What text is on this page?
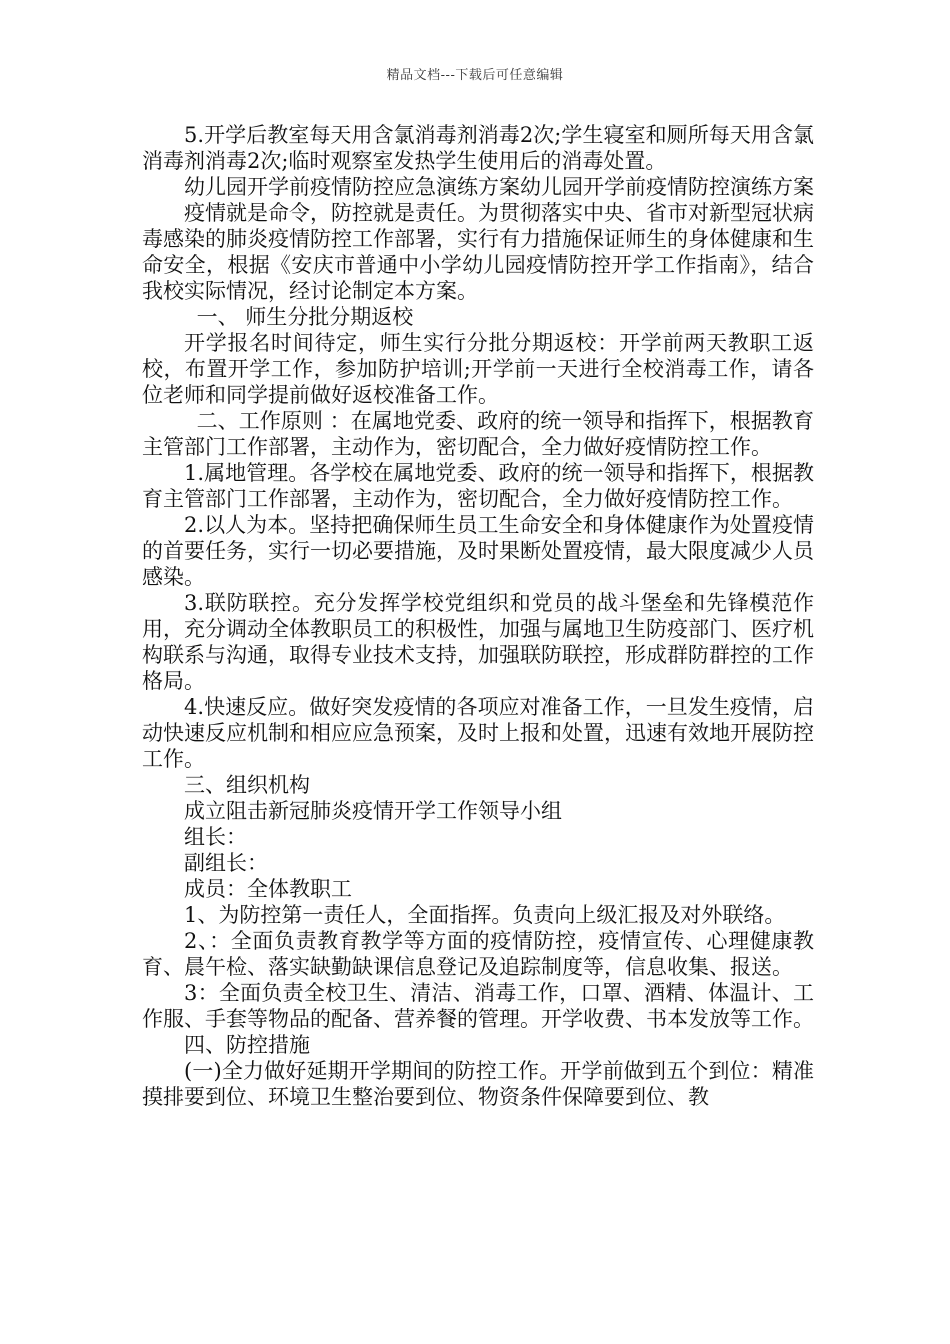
精品文档---下载后可任意编辑

5.开学后教室每天用含氯消毒剂消毒2次;学生寝室和厕所每天用含氯消毒剂消毒2次;临时观察室发热学生使用后的消毒处置。

幼儿园开学前疫情防控应急演练方案幼儿园开学前疫情防控演练方案

疫情就是命令，防控就是责任。为贯彻落实中央、省市对新型冠状病毒感染的肺炎疫情防控工作部署，实行有力措施保证师生的身体健康和生命安全，根据《安庆市普通中小学幼儿园疫情防控开学工作指南》，结合我校实际情况，经讨论制定本方案。

一、 师生分批分期返校

开学报名时间待定，师生实行分批分期返校：开学前两天教职工返校，布置开学工作，参加防护培训;开学前一天进行全校消毒工作，请各位老师和同学提前做好返校准备工作。

二、工作原则 ：在属地党委、政府的统一领导和指挥下，根据教育主管部门工作部署，主动作为，密切配合，全力做好疫情防控工作。

1.属地管理。各学校在属地党委、政府的统一领导和指挥下，根据教育主管部门工作部署，主动作为，密切配合，全力做好疫情防控工作。

2.以人为本。坚持把确保师生员工生命安全和身体健康作为处置疫情的首要任务，实行一切必要措施，及时果断处置疫情，最大限度减少人员感染。

3.联防联控。充分发挥学校党组织和党员的战斗堡垒和先锋模范作用，充分调动全体教职员工的积极性，加强与属地卫生防疫部门、医疗机构联系与沟通，取得专业技术支持，加强联防联控，形成群防群控的工作格局。

4.快速反应。做好突发疫情的各项应对准备工作，一旦发生疫情，启动快速反应机制和相应应急预案，及时上报和处置，迅速有效地开展防控工作。

三、组织机构

成立阻击新冠肺炎疫情开学工作领导小组

组长：

副组长：

成员：全体教职工

1、为防控第一责任人，全面指挥。负责向上级汇报及对外联络。

2、：全面负责教育教学等方面的疫情防控，疫情宣传、心理健康教育、晨午检、落实缺勤缺课信息登记及追踪制度等，信息收集、报送。

3：全面负责全校卫生、清洁、消毒工作，口罩、酒精、体温计、工作服、手套等物品的配备、营养餐的管理。开学收费、书本发放等工作。

四、防控措施

(一)全力做好延期开学期间的防控工作。开学前做到五个到位：精准摸排要到位、环境卫生整治要到位、物资条件保障要到位、教
